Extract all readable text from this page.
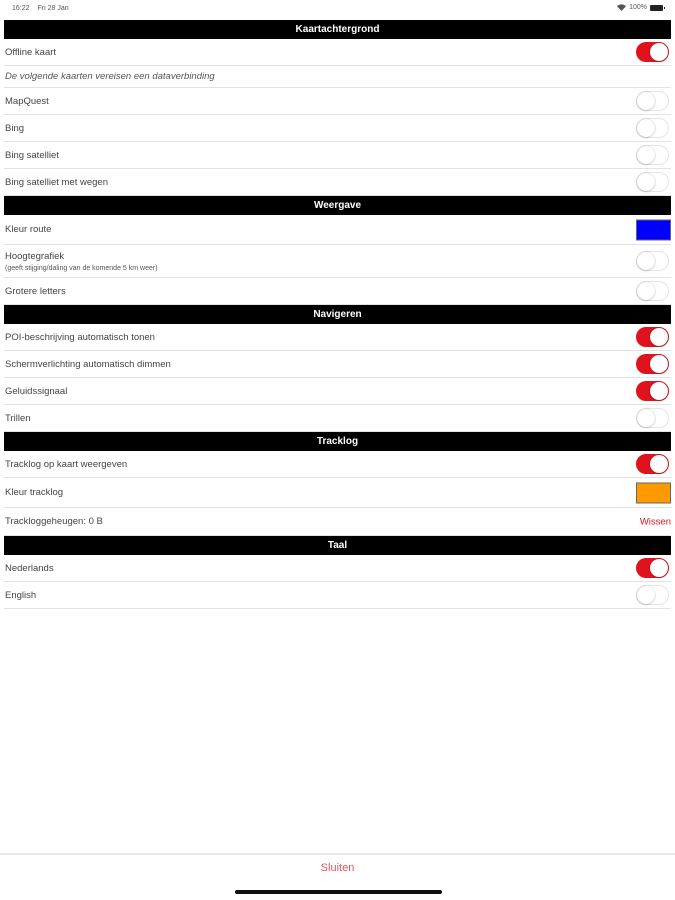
16:22 Fri 28 Jan	100%
Kaartachtergrond
Offline kaart
De volgende kaarten vereisen een dataverbinding
MapQuest
Bing
Bing satelliet
Bing satelliet met wegen
Weergave
Kleur route
Hoogtegrafiek
(geeft stijging/daling van de komende 5 km weer)
Grotere letters
Navigeren
POI-beschrijving automatisch tonen
Schermverlichting automatisch dimmen
Geluidssignaal
Trillen
Tracklog
Tracklog op kaart weergeven
Kleur tracklog
Trackloggeheugen: 0 B	Wissen
Taal
Nederlands
English
Sluiten
